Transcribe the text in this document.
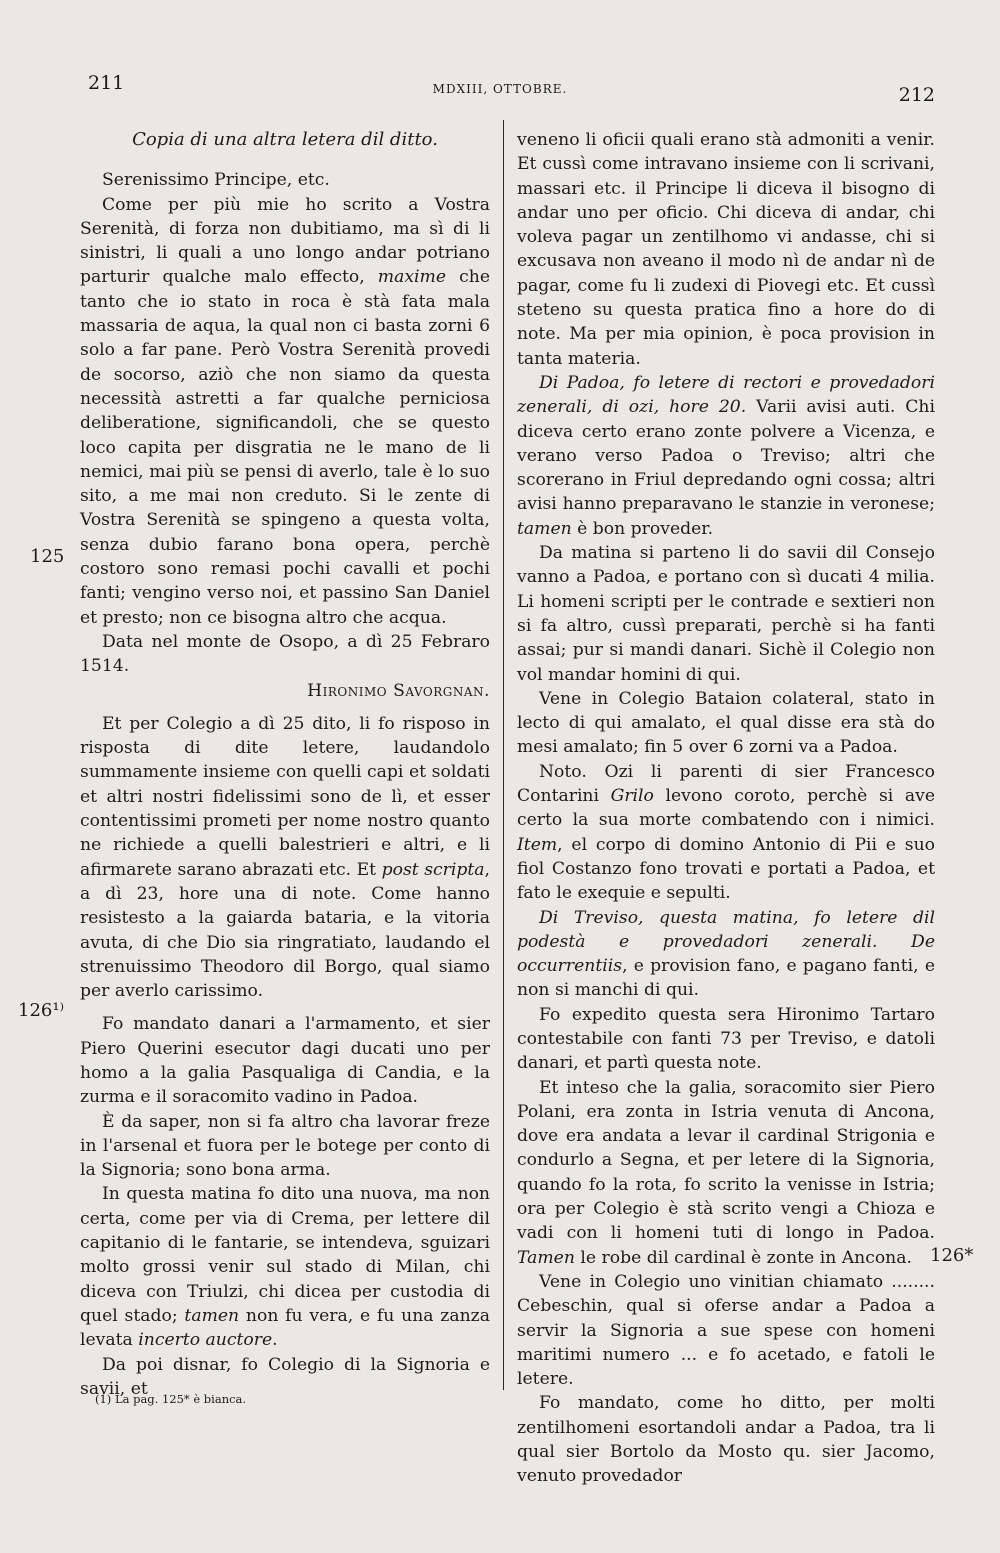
211	MDXIII, OTTOBRE.	212
125
126¹⁾
126*

Copia di una altra letera dil ditto.

Serenissimo Principe, etc.

Come per più mie ho scrito a Vostra Serenità, di forza non dubitiamo, ma sì di li sinistri, li quali a uno longo andar potriano parturir qualche malo effecto, maxime che tanto che io stato in roca è stà fata mala massaria de aqua, la qual non ci basta zorni 6 solo a far pane. Però Vostra Serenità provedi de socorso, aziò che non siamo da questa necessità astretti a far qualche perniciosa deliberatione, significandoli, che se questo loco capita per disgratia ne le mano de li nemici, mai più se pensi di averlo, tale è lo suo sito, a me mai non creduto. Si le zente di Vostra Serenità se spingeno a questa volta, senza dubio farano bona opera, perchè costoro sono remasi pochi cavalli et pochi fanti; vengino verso noi, et passino San Daniel et presto; non ce bisogna altro che acqua.

Data nel monte de Osopo, a dì 25 Febraro 1514.

Hironimo Savorgnan.

Et per Colegio a dì 25 dito, li fo risposo in risposta di dite letere, laudandolo summamente insieme con quelli capi et soldati et altri nostri fidelissimi sono de lì, et esser contentissimi prometi per nome nostro quanto ne richiede a quelli balestrieri e altri, e li afirmarete sarano abrazati etc. Et post scripta, a dì 23, hore una di note. Come hanno resistesto a la gaiarda bataria, e la vitoria avuta, di che Dio sia ringratiato, laudando el strenuissimo Theodoro dil Borgo, qual siamo per averlo carissimo.

Fo mandato danari a l'armamento, et sier Piero Querini esecutor dagi ducati uno per homo a la galia Pasqualiga di Candia, e la zurma e il soracomito vadino in Padoa.

È da saper, non si fa altro cha lavorar freze in l'arsenal et fuora per le botege per conto di la Signoria; sono bona arma.

In questa matina fo dito una nuova, ma non certa, come per via di Crema, per lettere dil capitanio di le fantarie, se intendeva, sguizari molto grossi venir sul stado di Milan, chi diceva con Triulzi, chi dicea per custodia di quel stado; tamen non fu vera, e fu una zanza levata incerto auctore.

Da poi disnar, fo Colegio di la Signoria e savii, et

veneno li oficii quali erano stà admoniti a venir. Et cussì come intravano insieme con li scrivani, massari etc. il Principe li diceva il bisogno di andar uno per oficio. Chi diceva di andar, chi voleva pagar un zentilhomo vi andasse, chi si excusava non aveano il modo nì de andar nì de pagar, come fu li zudexi di Piovegi etc. Et cussì steteno su questa pratica fino a hore do di note. Ma per mia opinion, è poca provision in tanta materia.

Di Padoa, fo letere di rectori e provedadori zenerali, di ozi, hore 20. Varii avisi auti. Chi diceva certo erano zonte polvere a Vicenza, e verano verso Padoa o Treviso; altri che scorerano in Friul depredando ogni cossa; altri avisi hanno preparavano le stanzie in veronese; tamen è bon proveder.

Da matina si parteno li do savii dil Consejo vanno a Padoa, e portano con sì ducati 4 milia. Li homeni scripti per le contrade e sextieri non si fa altro, cussì preparati, perchè si ha fanti assai; pur si mandi danari. Sichè il Colegio non vol mandar homini di qui.

Vene in Colegio Bataion colateral, stato in lecto di qui amalato, el qual disse era stà do mesi amalato; fin 5 over 6 zorni va a Padoa.

Noto. Ozi li parenti di sier Francesco Contarini Grilo levono coroto, perchè si ave certo la sua morte combatendo con i nimici. Item, el corpo di domino Antonio di Pii e suo fiol Costanzo fono trovati e portati a Padoa, et fato le exequie e sepulti.

Di Treviso, questa matina, fo letere dil podestà e provedadori zenerali. De occurrentiis, e provision fano, e pagano fanti, e non si manchi di qui.

Fo expedito questa sera Hironimo Tartaro contestabile con fanti 73 per Treviso, e datoli danari, et partì questa note.

Et inteso che la galia, soracomito sier Piero Polani, era zonta in Istria venuta di Ancona, dove era andata a levar il cardinal Strigonia e condurlo a Segna, et per letere di la Signoria, quando fo la rota, fo scrito la venisse in Istria; ora per Colegio è stà scrito vengi a Chioza e vadi con li homeni tuti di longo in Padoa. Tamen le robe dil cardinal è zonte in Ancona.

Vene in Colegio uno vinitian chiamato ........ Cebeschin, qual si oferse andar a Padoa a servir la Signoria a sue spese con homeni maritimi numero ... e fo acetado, e fatoli le letere.

Fo mandato, come ho ditto, per molti zentilhomeni esortandoli andar a Padoa, tra li qual sier Bortolo da Mosto qu. sier Jacomo, venuto provedador

(1) La pag. 125* è bianca.
